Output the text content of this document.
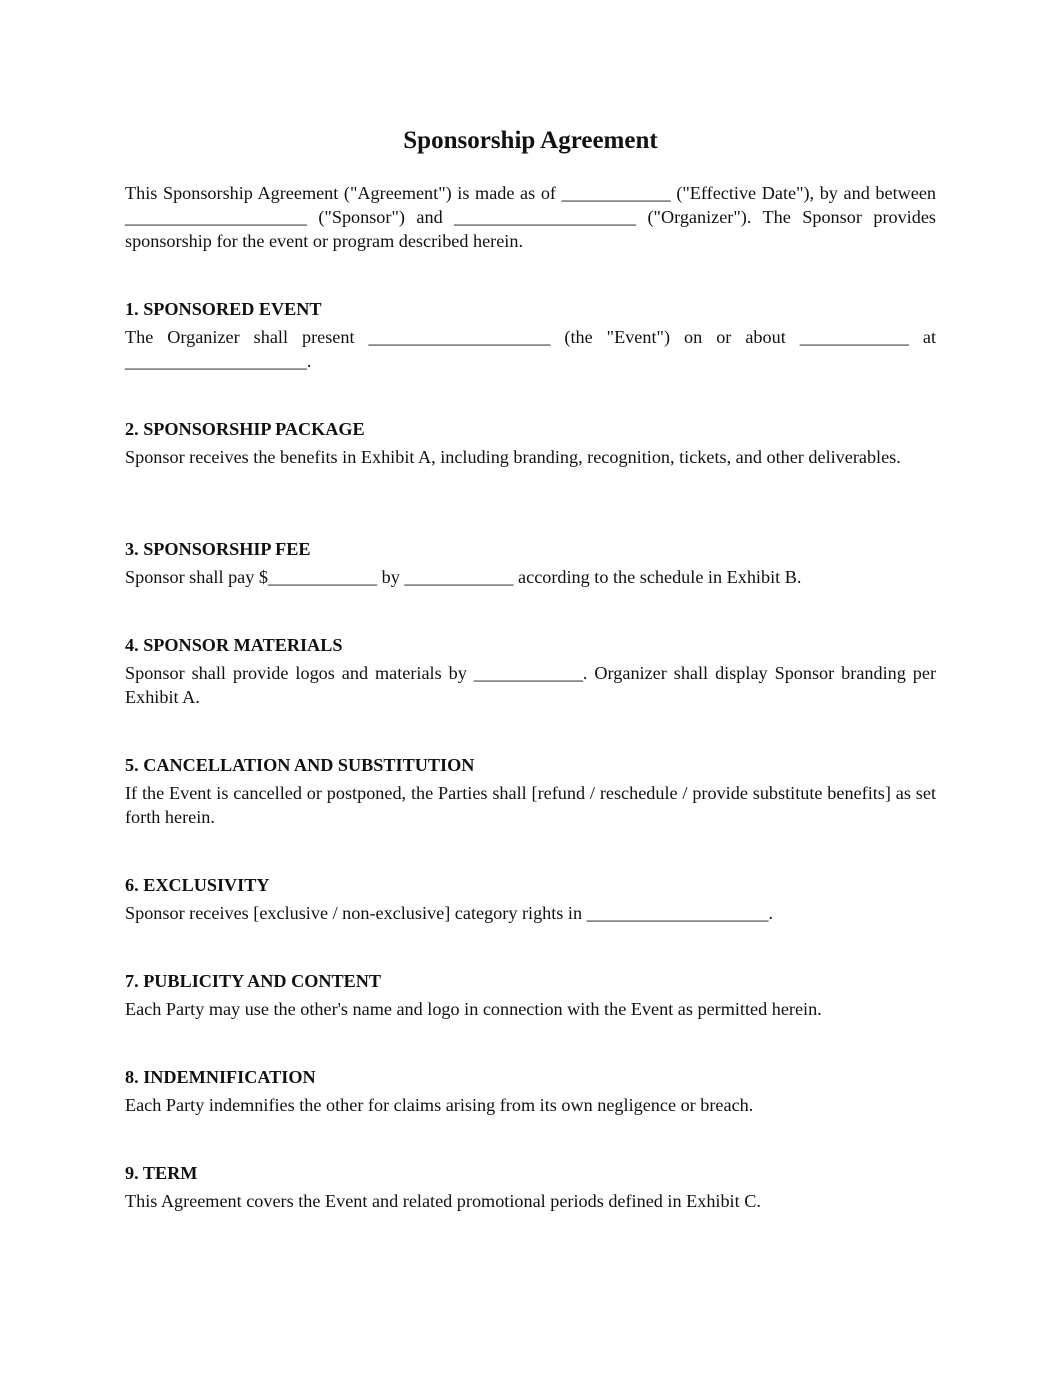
Sponsorship Agreement

This Sponsorship Agreement ("Agreement") is made as of ____________ ("Effective Date"), by and between ____________________ ("Sponsor") and ____________________ ("Organizer"). The Sponsor provides sponsorship for the event or program described herein.

1. SPONSORED EVENT

The Organizer shall present ____________________ (the "Event") on or about ____________ at ____________________.

2. SPONSORSHIP PACKAGE

Sponsor receives the benefits in Exhibit A, including branding, recognition, tickets, and other deliverables.

3. SPONSORSHIP FEE

Sponsor shall pay $____________ by ____________ according to the schedule in Exhibit B.

4. SPONSOR MATERIALS

Sponsor shall provide logos and materials by ____________. Organizer shall display Sponsor branding per Exhibit A.

5. CANCELLATION AND SUBSTITUTION

If the Event is cancelled or postponed, the Parties shall [refund / reschedule / provide substitute benefits] as set forth herein.

6. EXCLUSIVITY

Sponsor receives [exclusive / non-exclusive] category rights in ____________________.

7. PUBLICITY AND CONTENT

Each Party may use the other's name and logo in connection with the Event as permitted herein.

8. INDEMNIFICATION

Each Party indemnifies the other for claims arising from its own negligence or breach.

9. TERM

This Agreement covers the Event and related promotional periods defined in Exhibit C.
